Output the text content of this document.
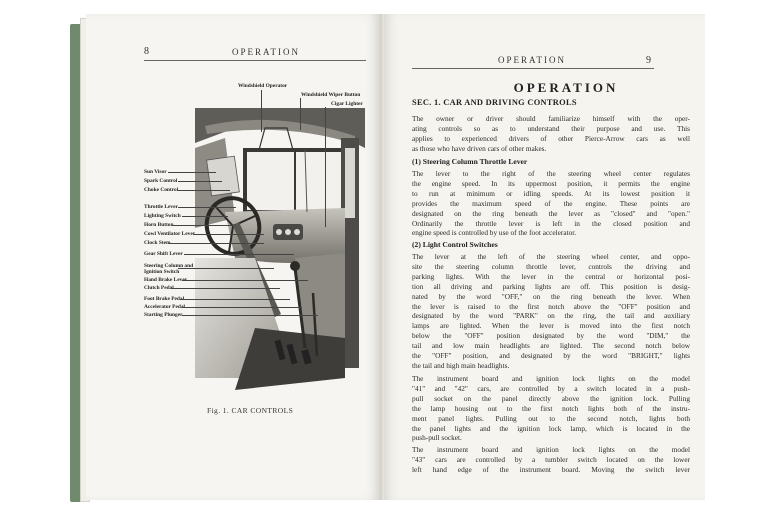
8	OPERATION
Windshield Operator
Windshield Wiper Button
Cigar Lighter
Sun Visor
Spark Control
Choke Control
Throttle Lever
Lighting Switch
Horn Button
Cowl Ventilator Lever
Clock Stem
Gear Shift Lever
Steering Column and
Ignition Switch
Hand Brake Lever
Clutch Pedal
Foot Brake Pedal
Accelerator Pedal
Starting Plunger
Fig. 1. CAR CONTROLS
OPERATION	9
OPERATION
SEC. 1. CAR AND DRIVING CONTROLS
The owner or driver should familiarize himself with the oper-
ating controls so as to understand their purpose and use. This
applies to experienced drivers of other Pierce-Arrow cars as well
as those who have driven cars of other makes.
(1) Steering Column Throttle Lever
The lever to the right of the steering wheel center regulates
the engine speed. In its uppermost position, it permits the engine
to run at minimum or idling speeds. At its lowest position it
provides the maximum speed of the engine. These points are
designated on the ring beneath the lever as "closed" and "open."
Ordinarily the throttle lever is left in the closed position and
engine speed is controlled by use of the foot accelerator.
(2) Light Control Switches
The lever at the left of the steering wheel center, and oppo-
site the steering column throttle lever, controls the driving and
parking lights. With the lever in the central or horizontal posi-
tion all driving and parking lights are off. This position is desig-
nated by the word "OFF," on the ring beneath the lever. When
the lever is raised to the first notch above the "OFF" position and
designated by the word "PARK" on the ring, the tail and auxiliary
lamps are lighted. When the lever is moved into the first notch
below the "OFF" position designated by the word "DIM," the
tail and low main headlights are lighted. The second notch below
the "OFF" position, and designated by the word "BRIGHT," lights
the tail and high main headlights.
The instrument board and ignition lock lights on the model
"41" and "42" cars, are controlled by a switch located in a push-
pull socket on the panel directly above the ignition lock. Pulling
the lamp housing out to the first notch lights both of the instru-
ment panel lights. Pulling out to the second notch, lights both
the panel lights and the ignition lock lamp, which is located in the
push-pull socket.
The instrument board and ignition lock lights on the model
"43" cars are controlled by a tumbler switch located on the lower
left hand edge of the instrument board. Moving the switch lever
